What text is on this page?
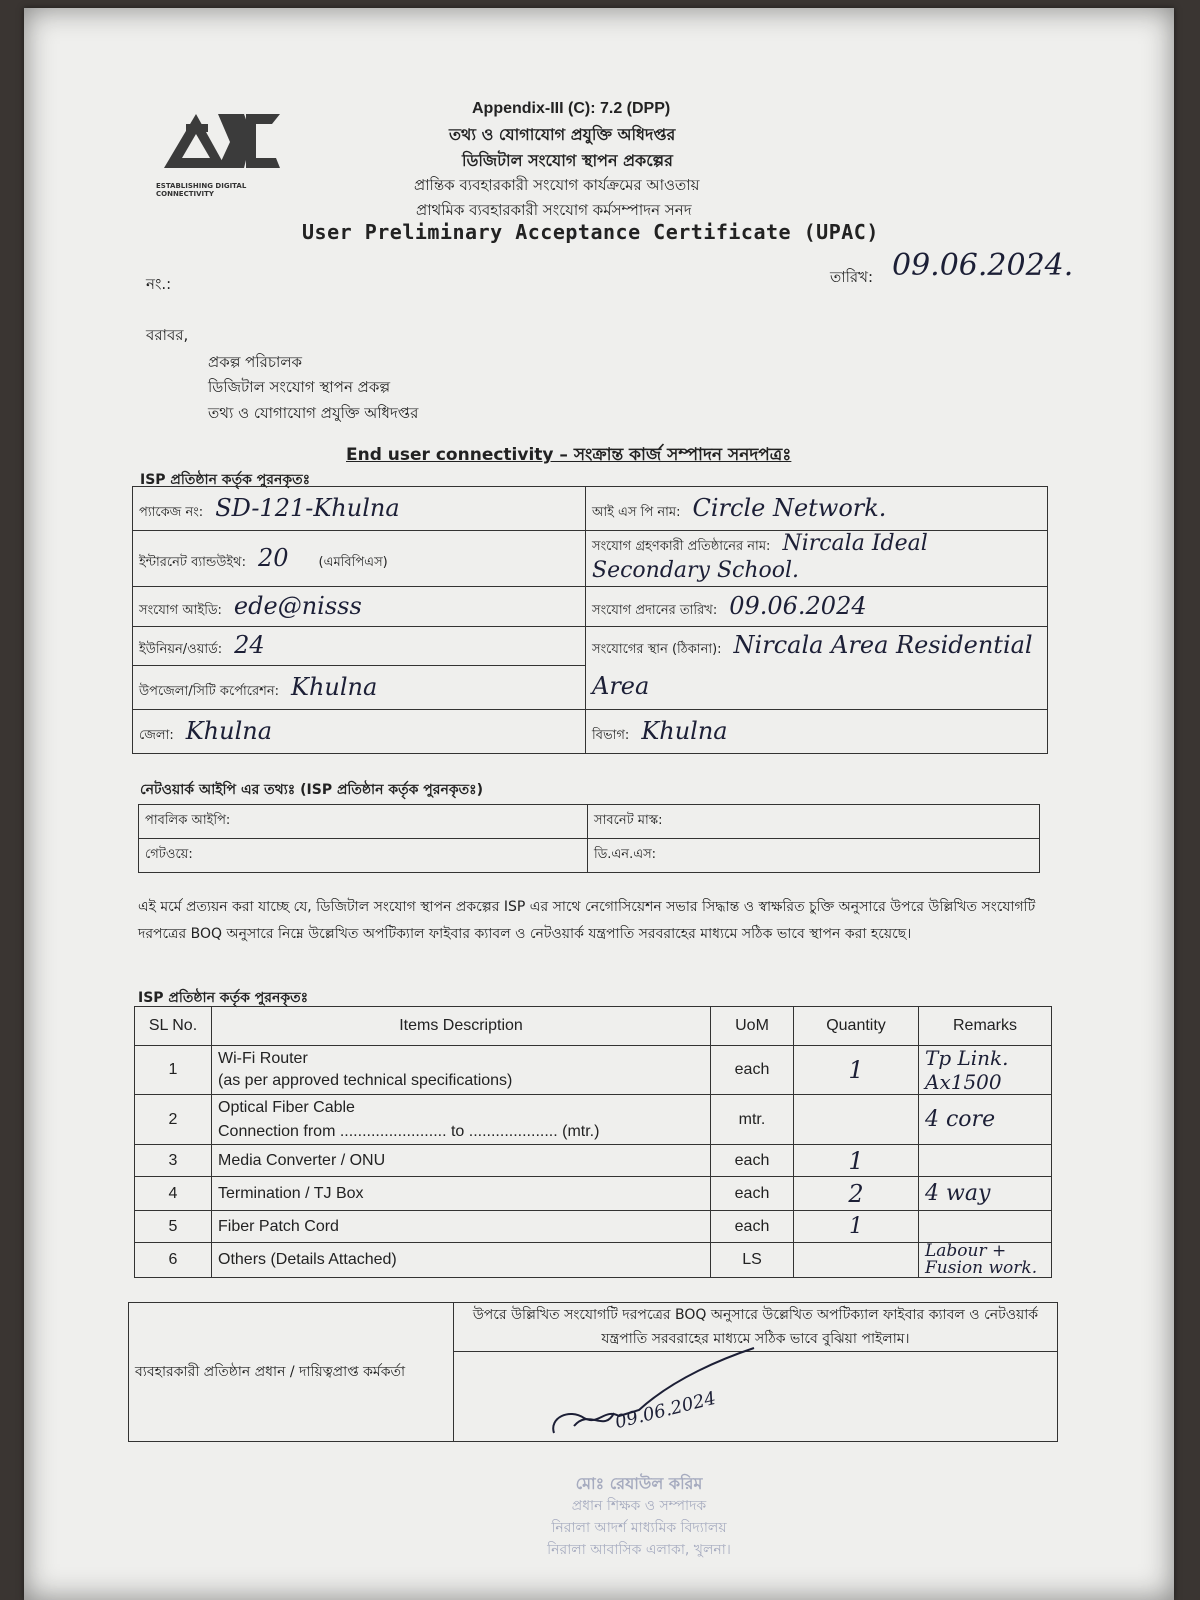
ESTABLISHING DIGITAL CONNECTIVITY
Appendix-III (C): 7.2 (DPP)
তথ্য ও যোগাযোগ প্রযুক্তি অধিদপ্তর
ডিজিটাল সংযোগ স্থাপন প্রকল্পের
প্রান্তিক ব্যবহারকারী সংযোগ কার্যক্রমের আওতায়
প্রাথমিক ব্যবহারকারী সংযোগ কর্মসম্পাদন সনদ
User Preliminary Acceptance Certificate (UPAC)
নং.:	তারিখ: 09.06.2024.
বরাবর,
প্রকল্প পরিচালক
ডিজিটাল সংযোগ স্থাপন প্রকল্প
তথ্য ও যোগাযোগ প্রযুক্তি অধিদপ্তর
End user connectivity – সংক্রান্ত কার্জ সম্পাদন সনদপত্রঃ
ISP প্রতিষ্ঠান কর্তৃক পুরনকৃতঃ
প্যাকেজ নং: SD-121-Khulna	আই এস পি নাম: Circle Network.
ইন্টারনেট ব্যান্ডউইথ: 20 (এমবিপিএস)	সংযোগ গ্রহণকারী প্রতিষ্ঠানের নাম: Nircala Ideal Secondary School.
সংযোগ আইডি: ede@nisss	সংযোগ প্রদানের তারিখ: 09.06.2024
ইউনিয়ন/ওয়ার্ড: 24	সংযোগের স্থান (ঠিকানা): Nircala Area Residential Area
উপজেলা/সিটি কর্পোরেশন: Khulna	
জেলা: Khulna	বিভাগ: Khulna
নেটওয়ার্ক আইপি এর তথ্যঃ (ISP প্রতিষ্ঠান কর্তৃক পুরনকৃতঃ)
পাবলিক আইপি:	সাবনেট মাস্ক:
গেটওয়ে:	ডি.এন.এস:
এই মর্মে প্রত্যয়ন করা যাচ্ছে যে, ডিজিটাল সংযোগ স্থাপন প্রকল্পের ISP এর সাথে নেগোসিয়েশন সভার সিদ্ধান্ত ও স্বাক্ষরিত চুক্তি অনুসারে উপরে উল্লিখিত সংযোগটি দরপত্রের BOQ অনুসারে নিম্নে উল্লেখিত অপটিক্যাল ফাইবার ক্যাবল ও নেটওয়ার্ক যন্ত্রপাতি সরবরাহের মাধ্যমে সঠিক ভাবে স্থাপন করা হয়েছে।
ISP প্রতিষ্ঠান কর্তৃক পুরনকৃতঃ
SL No.	Items Description	UoM	Quantity	Remarks
1	Wi-Fi Router
(as per approved technical specifications)	each	1	Tp Link. Ax1500
2	Optical Fiber Cable
Connection from ........................ to .................... (mtr.)	mtr.		4 core
3	Media Converter / ONU	each	1	
4	Termination / TJ Box	each	2	4 way
5	Fiber Patch Cord	each	1	
6	Others (Details Attached)	LS		Labour + Fusion work.
ব্যবহারকারী প্রতিষ্ঠান প্রধান / দায়িত্বপ্রাপ্ত কর্মকর্তা	উপরে উল্লিখিত সংযোগটি দরপত্রের BOQ অনুসারে উল্লেখিত অপটিক্যাল ফাইবার ক্যাবল ও নেটওয়ার্ক যন্ত্রপাতি সরবরাহের মাধ্যমে সঠিক ভাবে বুঝিয়া পাইলাম।

09.06.2024
মোঃ রেযাউল করিম
প্রধান শিক্ষক ও সম্পাদক
নিরালা আদর্শ মাধ্যমিক বিদ্যালয়
নিরালা আবাসিক এলাকা, খুলনা।
